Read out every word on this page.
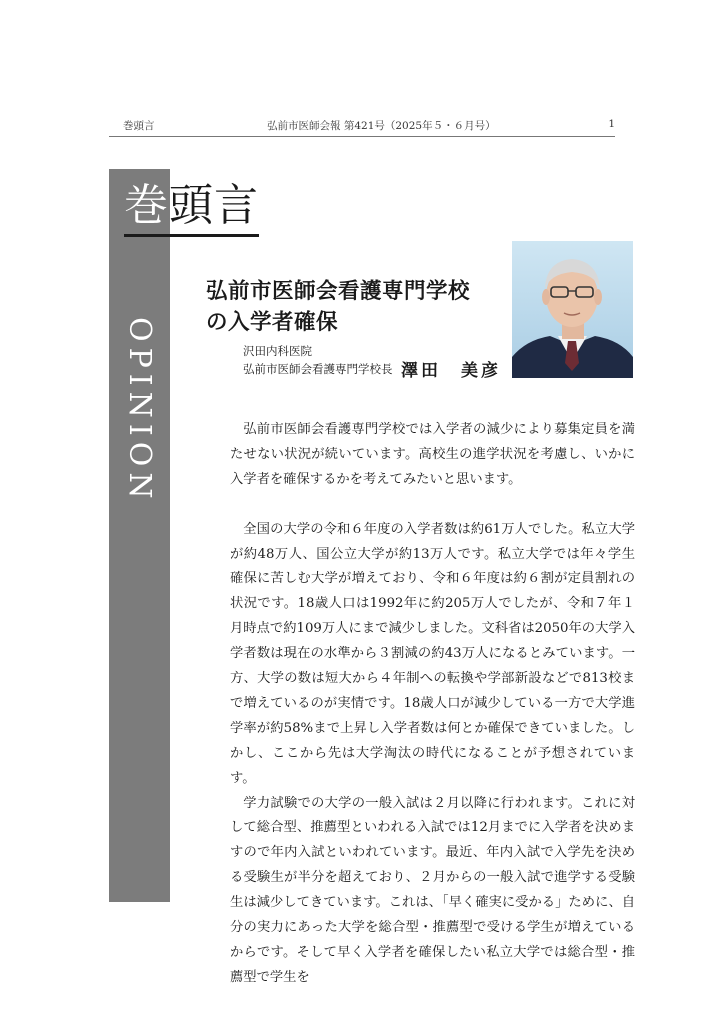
巻頭言	弘前市医師会報 第421号（2025年５・６月号）	1
OPINION
巻頭言
弘前市医師会看護専門学校
の入学者確保
沢田内科医院
弘前市医師会看護専門学校長 澤田　美彦

弘前市医師会看護専門学校では入学者の減少により募集定員を満たせない状況が続いています。高校生の進学状況を考慮し、いかに入学者を確保するかを考えてみたいと思います。

全国の大学の令和６年度の入学者数は約61万人でした。私立大学が約48万人、国公立大学が約13万人です。私立大学では年々学生確保に苦しむ大学が増えており、令和６年度は約６割が定員割れの状況です。18歳人口は1992年に約205万人でしたが、令和７年１月時点で約109万人にまで減少しました。文科省は2050年の大学入学者数は現在の水準から３割減の約43万人になるとみています。一方、大学の数は短大から４年制への転換や学部新設などで813校まで増えているのが実情です。18歳人口が減少している一方で大学進学率が約58%まで上昇し入学者数は何とか確保できていました。しかし、ここから先は大学淘汰の時代になることが予想されています。

学力試験での大学の一般入試は２月以降に行われます。これに対して総合型、推薦型といわれる入試では12月までに入学者を決めますので年内入試といわれています。最近、年内入試で入学先を決める受験生が半分を超えており、２月からの一般入試で進学する受験生は減少してきています。これは、「早く確実に受かる」ために、自分の実力にあった大学を総合型・推薦型で受ける学生が増えているからです。そして早く入学者を確保したい私立大学では総合型・推薦型で学生を
